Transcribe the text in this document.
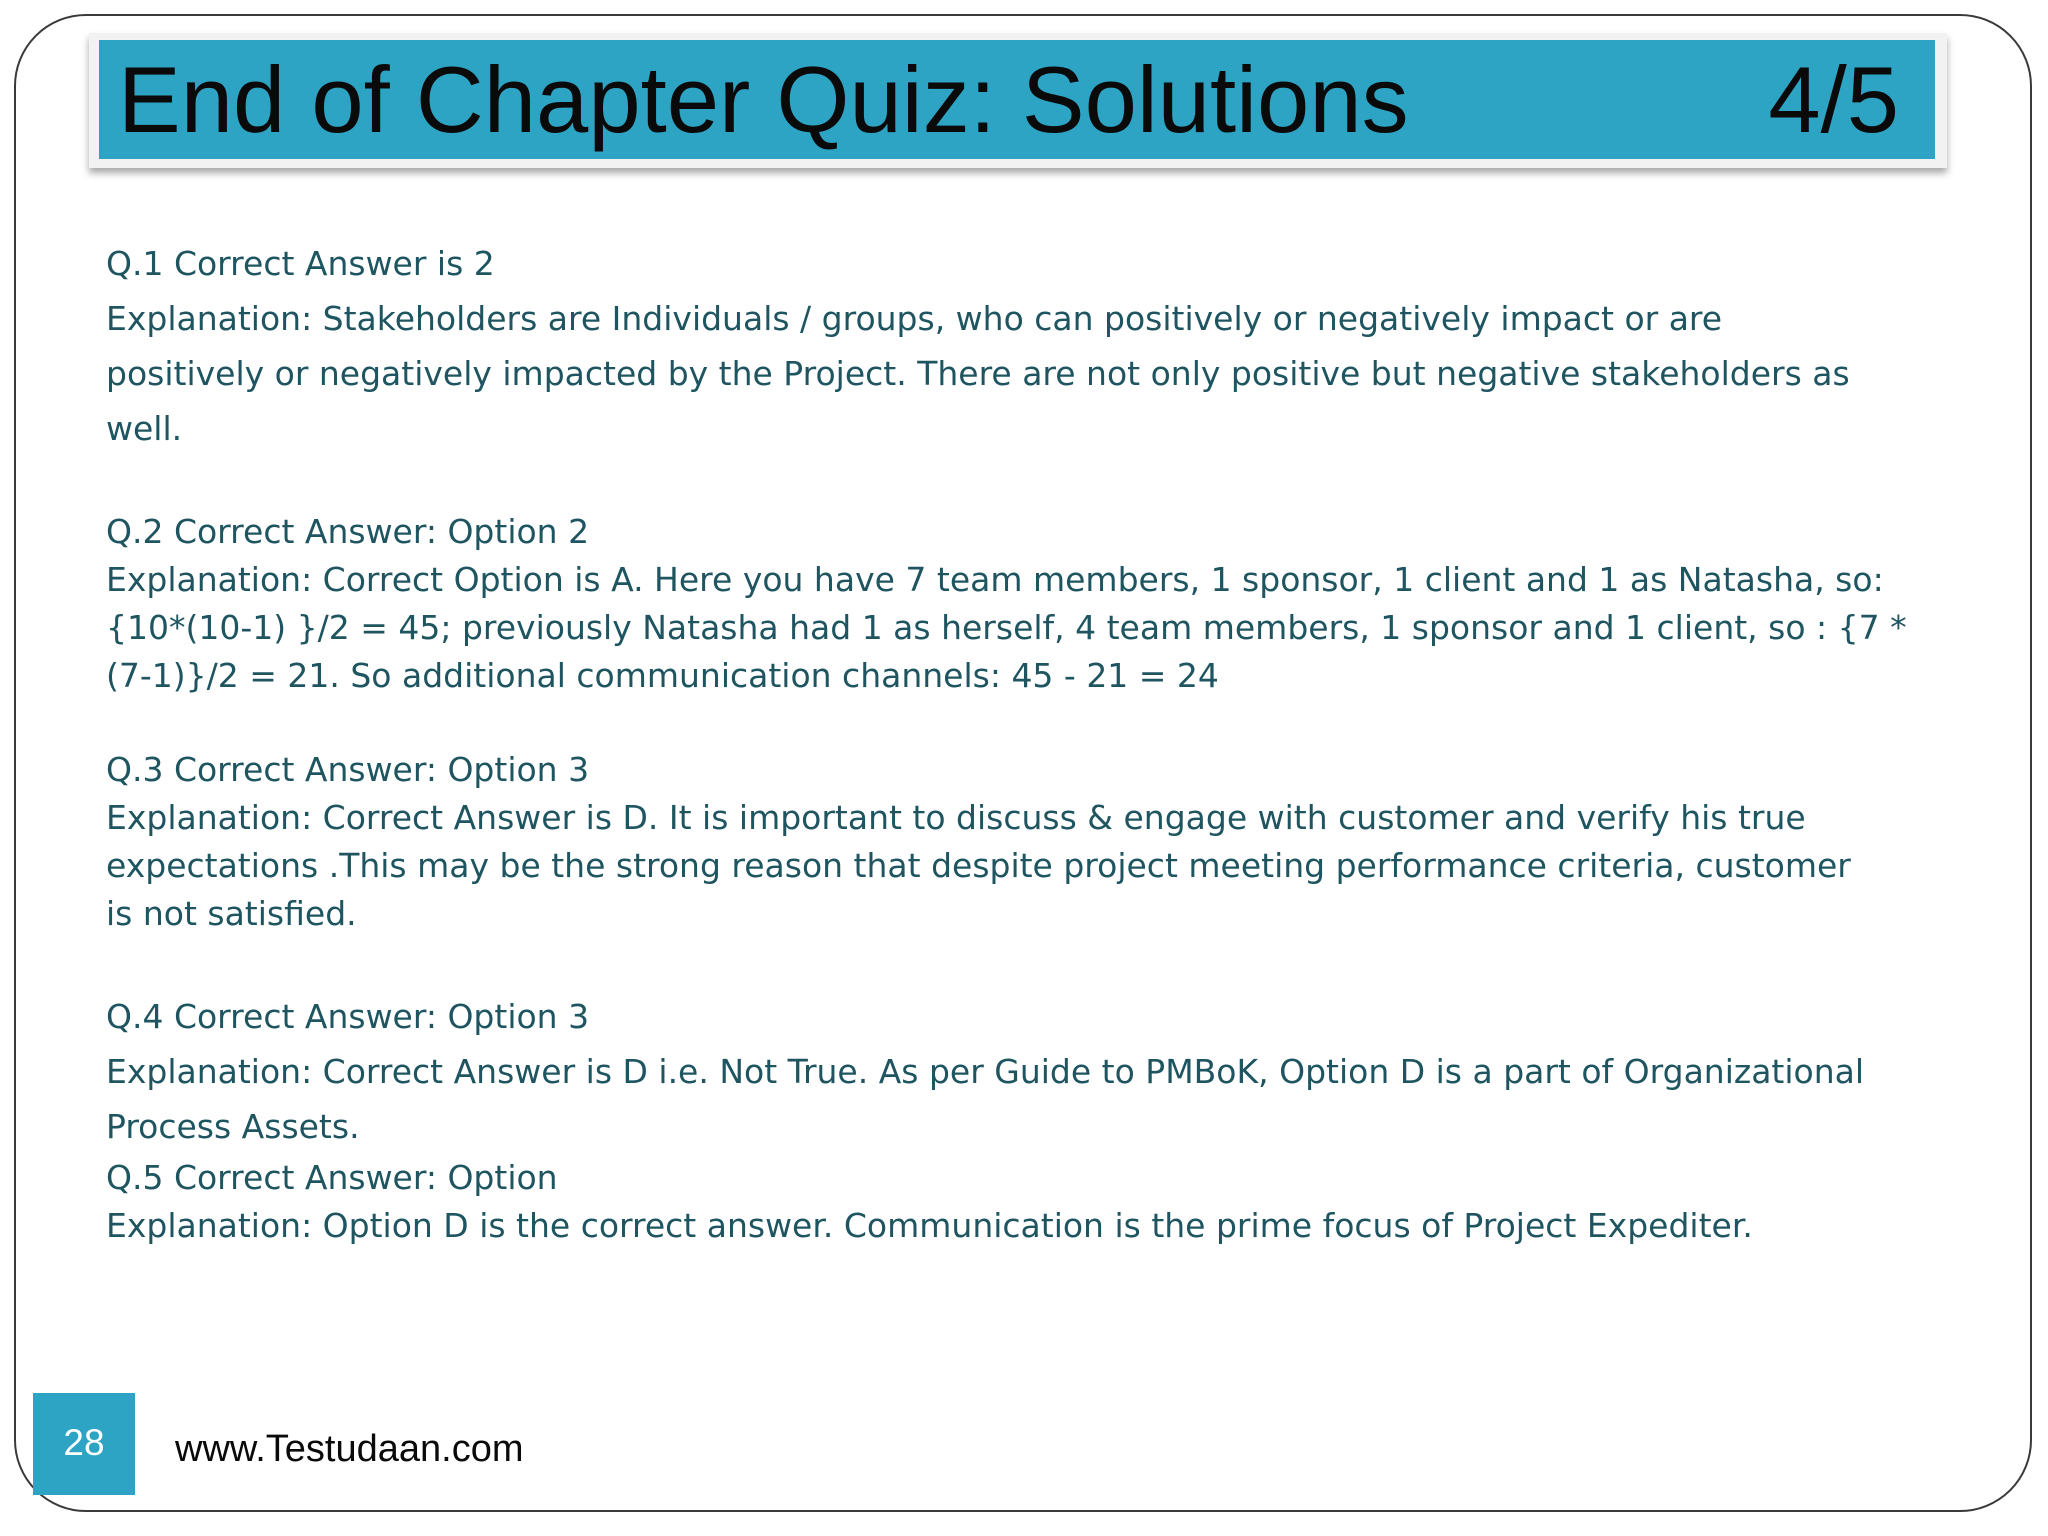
End of Chapter Quiz: Solutions	4/5
Q.1 Correct Answer is 2
Explanation: Stakeholders are Individuals / groups, who can positively or negatively impact or are
positively or negatively impacted by the Project. There are not only positive but negative stakeholders as
well.
Q.2 Correct Answer: Option 2
Explanation: Correct Option is A. Here you have 7 team members, 1 sponsor, 1 client and 1 as Natasha, so:
{10*(10-1) }/2 = 45; previously Natasha had 1 as herself, 4 team members, 1 sponsor and 1 client, so : {7 *
(7-1)}/2 = 21. So additional communication channels: 45 - 21 = 24
Q.3 Correct Answer: Option 3
Explanation: Correct Answer is D. It is important to discuss & engage with customer and verify his true
expectations .This may be the strong reason that despite project meeting performance criteria, customer
is not satisfied.
Q.4 Correct Answer: Option 3
Explanation: Correct Answer is D i.e. Not True. As per Guide to PMBoK, Option D is a part of Organizational
Process Assets.
Q.5 Correct Answer: Option
Explanation: Option D is the correct answer. Communication is the prime focus of Project Expediter.
28	www.Testudaan.com
